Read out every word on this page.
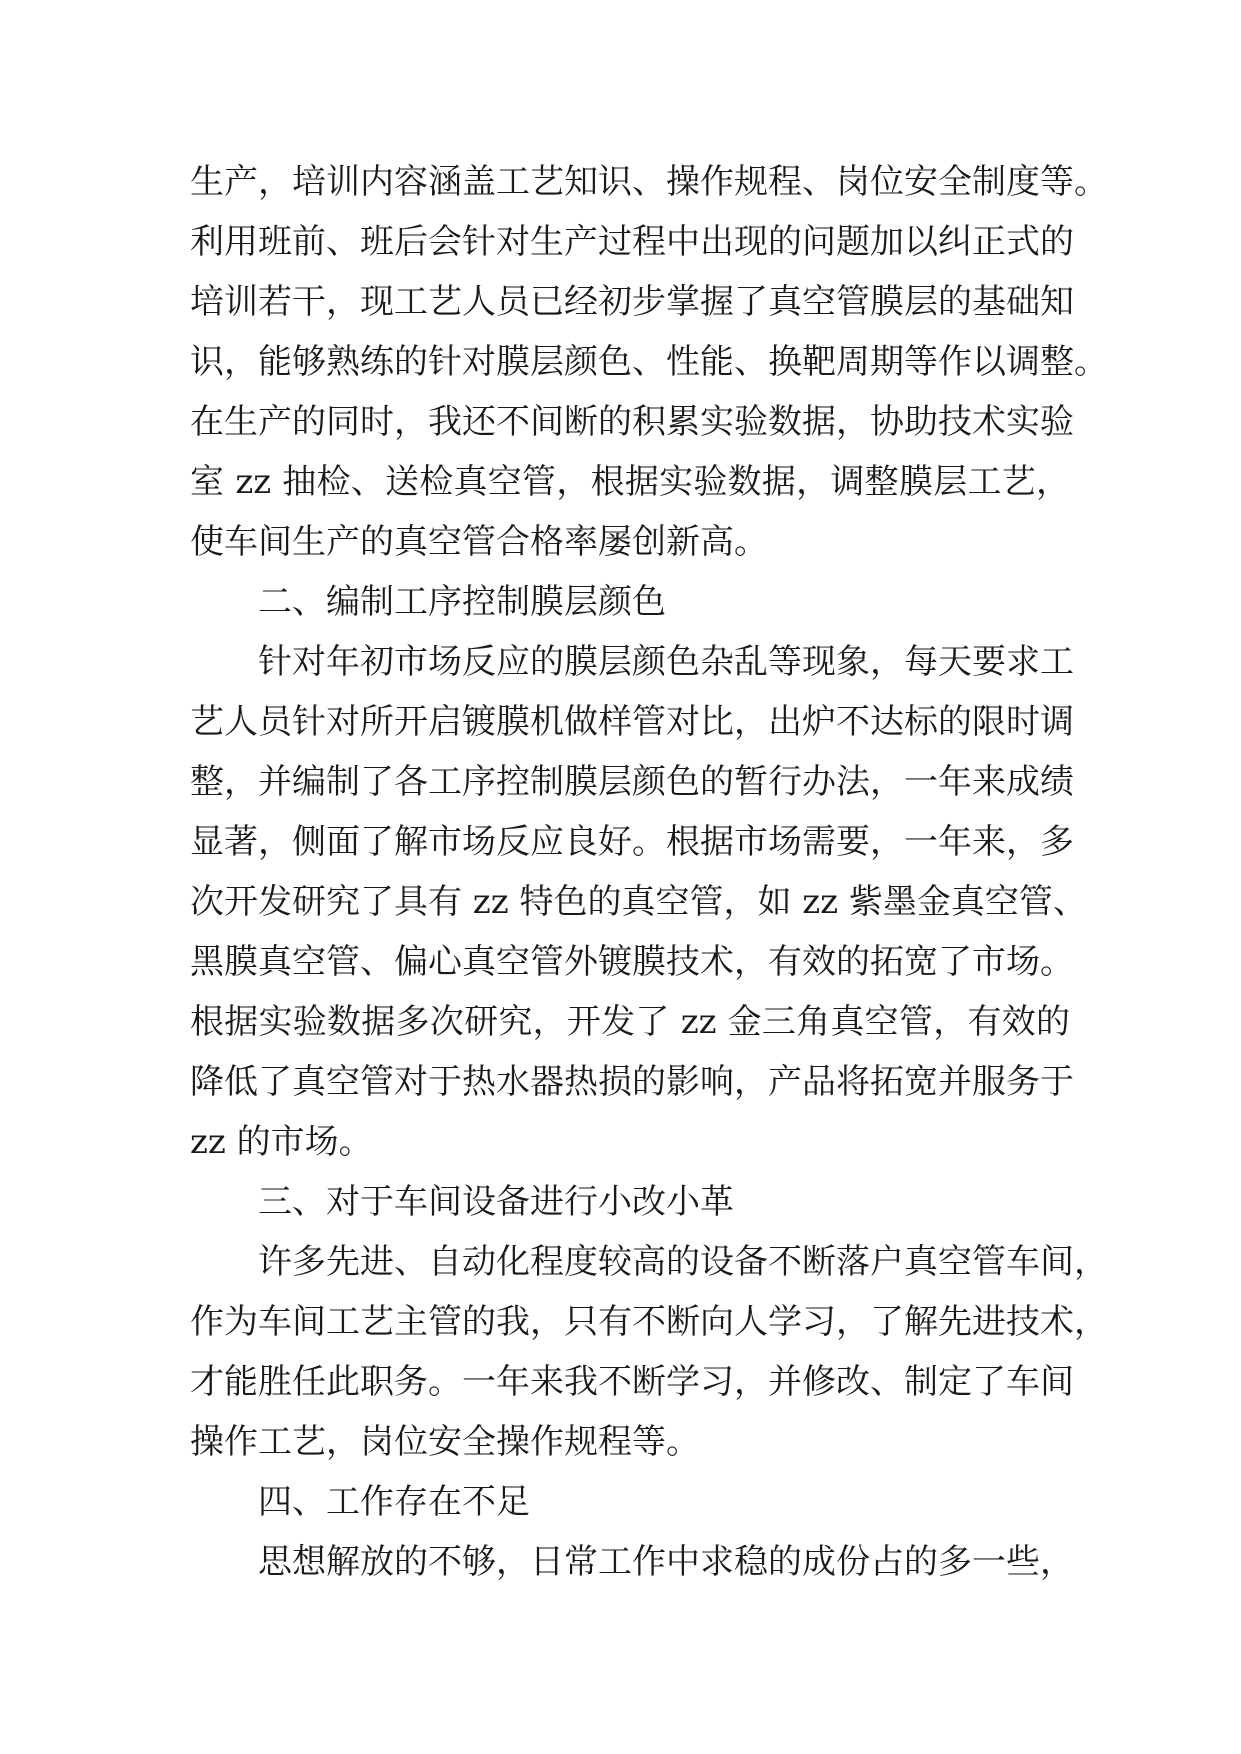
生产，培训内容涵盖工艺知识、操作规程、岗位安全制度等。
利用班前、班后会针对生产过程中出现的问题加以纠正式的
培训若干，现工艺人员已经初步掌握了真空管膜层的基础知
识，能够熟练的针对膜层颜色、性能、换靶周期等作以调整。
在生产的同时，我还不间断的积累实验数据，协助技术实验
室 zz 抽检、送检真空管，根据实验数据，调整膜层工艺，
使车间生产的真空管合格率屡创新高。
二、编制工序控制膜层颜色
针对年初市场反应的膜层颜色杂乱等现象，每天要求工
艺人员针对所开启镀膜机做样管对比，出炉不达标的限时调
整，并编制了各工序控制膜层颜色的暂行办法，一年来成绩
显著，侧面了解市场反应良好。根据市场需要，一年来，多
次开发研究了具有 zz 特色的真空管，如 zz 紫墨金真空管、
黑膜真空管、偏心真空管外镀膜技术，有效的拓宽了市场。
根据实验数据多次研究，开发了 zz 金三角真空管，有效的
降低了真空管对于热水器热损的影响，产品将拓宽并服务于
zz 的市场。
三、对于车间设备进行小改小革
许多先进、自动化程度较高的设备不断落户真空管车间，
作为车间工艺主管的我，只有不断向人学习，了解先进技术，
才能胜任此职务。一年来我不断学习，并修改、制定了车间
操作工艺，岗位安全操作规程等。
四、工作存在不足
思想解放的不够，日常工作中求稳的成份占的多一些，
